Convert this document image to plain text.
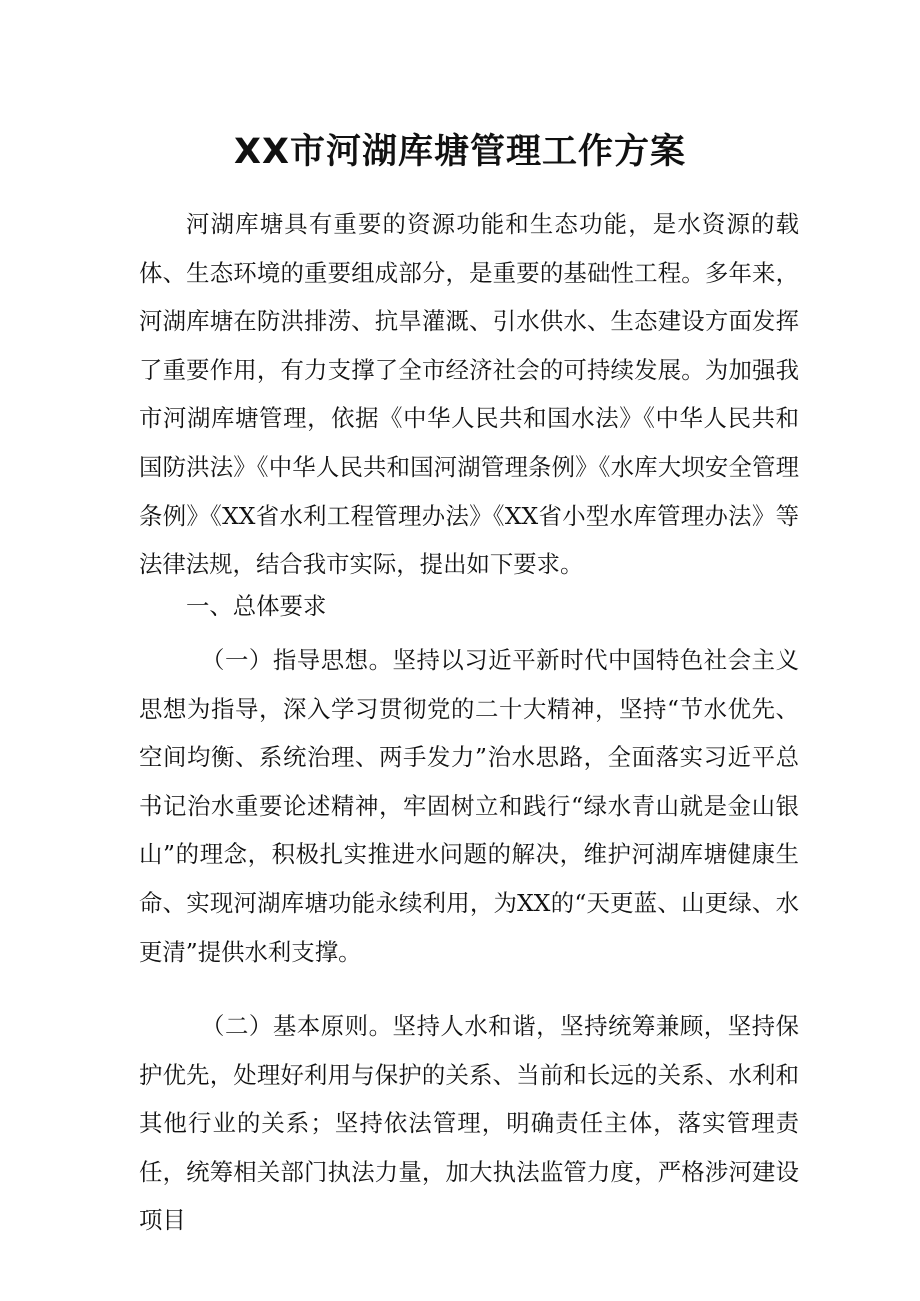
XX市河湖库塘管理工作方案

河湖库塘具有重要的资源功能和生态功能，是水资源的载体、生态环境的重要组成部分，是重要的基础性工程。多年来，河湖库塘在防洪排涝、抗旱灌溉、引水供水、生态建设方面发挥了重要作用，有力支撑了全市经济社会的可持续发展。为加强我市河湖库塘管理，依据《中华人民共和国水法》《中华人民共和国防洪法》《中华人民共和国河湖管理条例》《水库大坝安全管理条例》《XX省水利工程管理办法》《XX省小型水库管理办法》等法律法规，结合我市实际，提出如下要求。

一、总体要求

（一）指导思想。坚持以习近平新时代中国特色社会主义思想为指导，深入学习贯彻党的二十大精神，坚持“节水优先、空间均衡、系统治理、两手发力”治水思路，全面落实习近平总书记治水重要论述精神，牢固树立和践行“绿水青山就是金山银山”的理念，积极扎实推进水问题的解决，维护河湖库塘健康生命、实现河湖库塘功能永续利用，为XX的“天更蓝、山更绿、水更清”提供水利支撑。

（二）基本原则。坚持人水和谐，坚持统筹兼顾，坚持保护优先，处理好利用与保护的关系、当前和长远的关系、水利和其他行业的关系；坚持依法管理，明确责任主体，落实管理责任，统筹相关部门执法力量，加大执法监管力度，严格涉河建设项目
